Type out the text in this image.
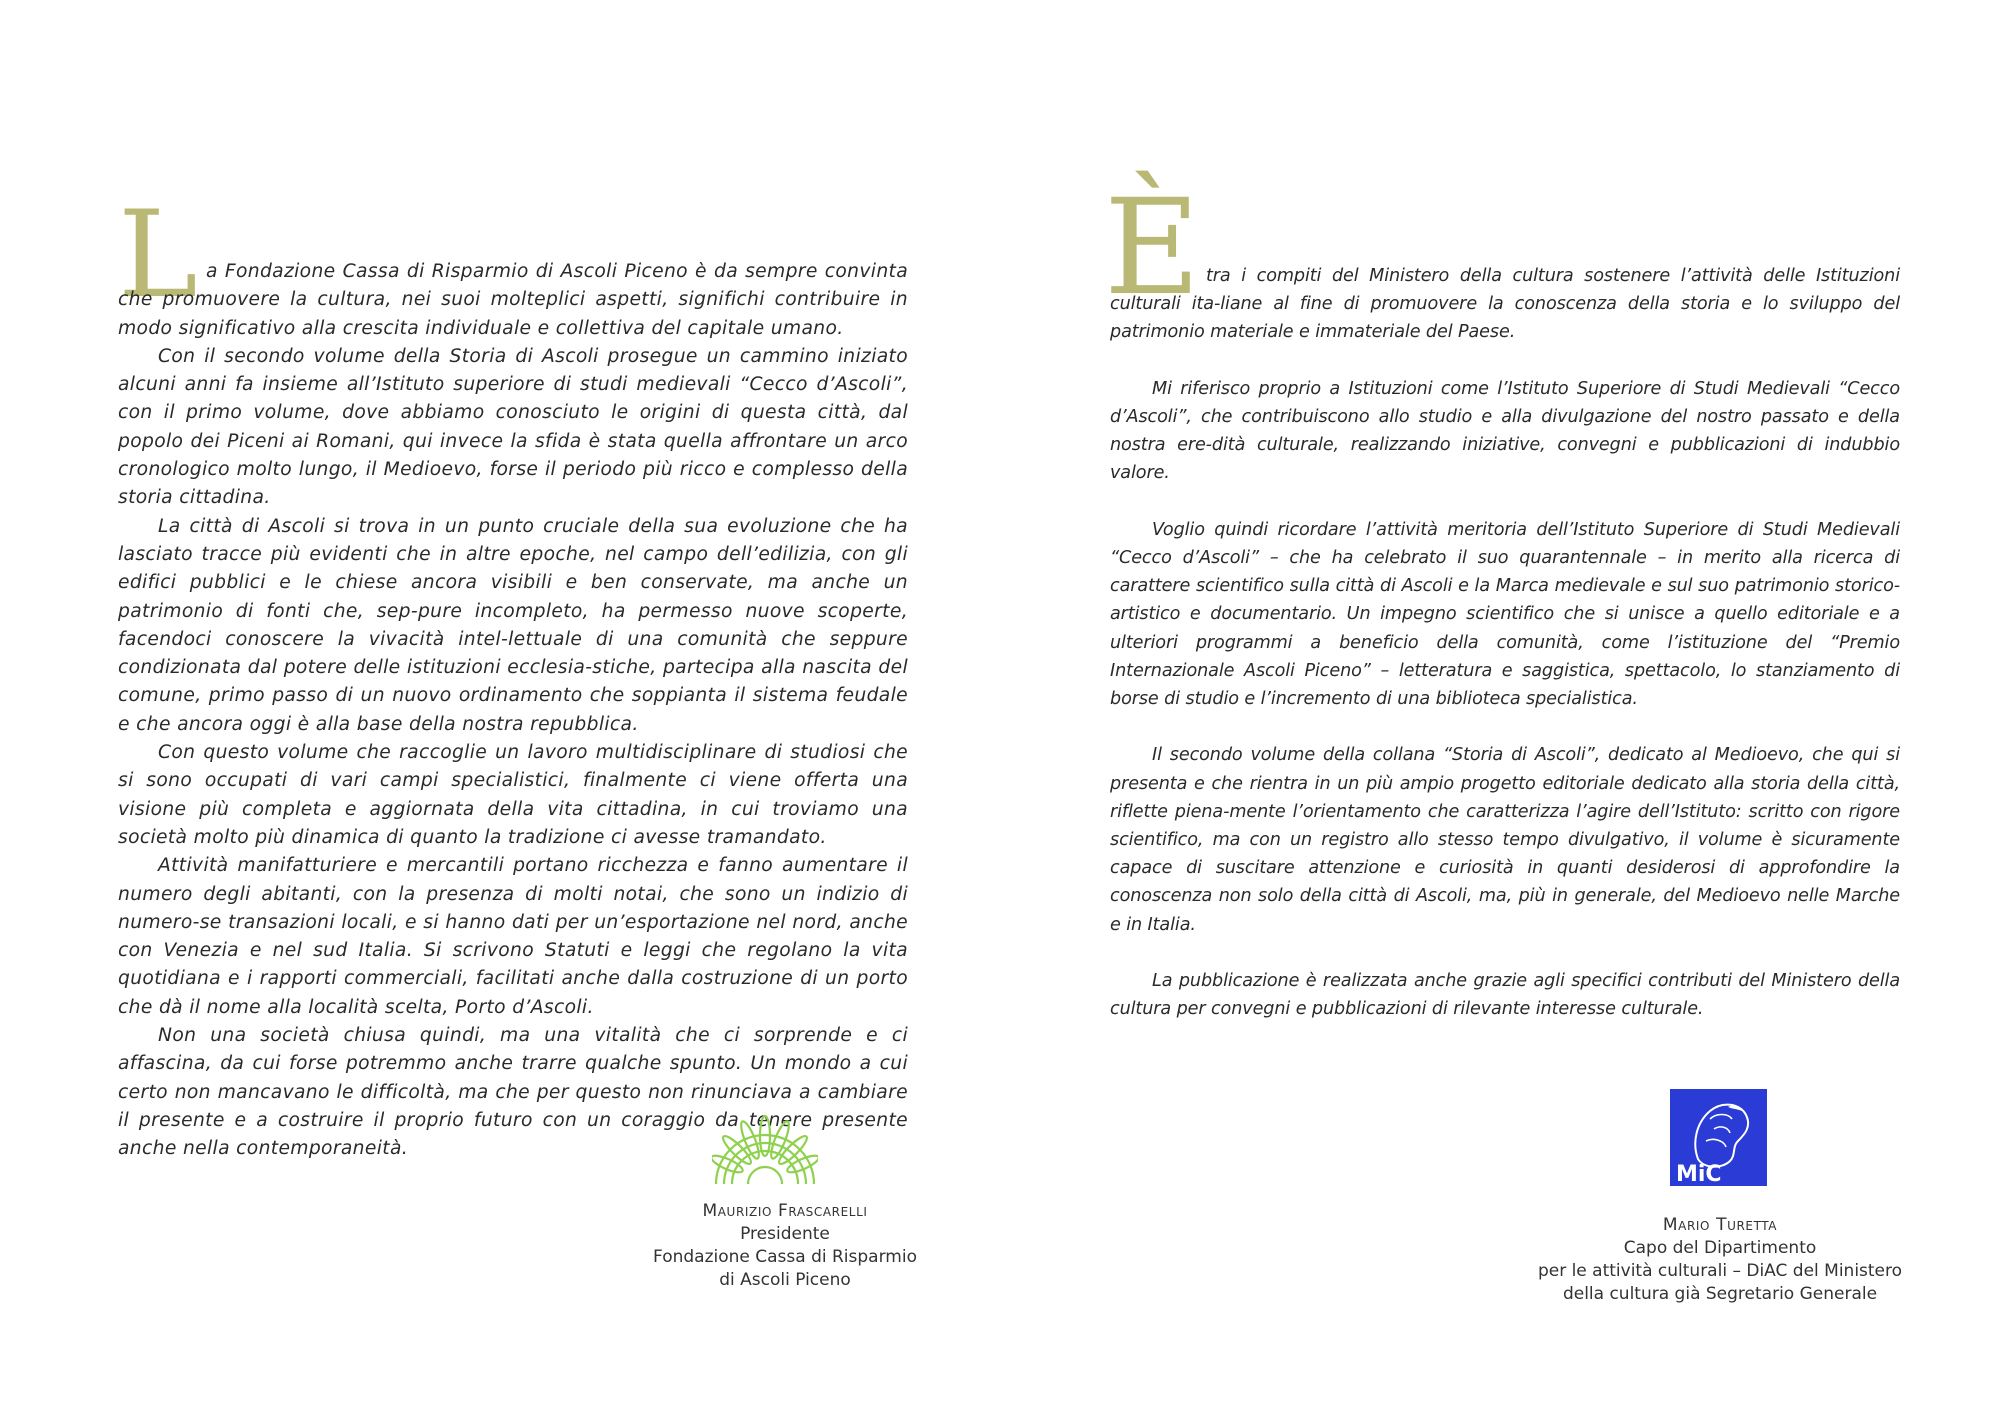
L a Fondazione Cassa di Risparmio di Ascoli Piceno è da sempre convinta che promuovere la cultura, nei suoi molteplici aspetti, significhi contribuire in modo significativo alla crescita individuale e collettiva del capitale umano.

Con il secondo volume della Storia di Ascoli prosegue un cammino iniziato alcuni anni fa insieme all’Istituto superiore di studi medievali “Cecco d’Ascoli”, con il primo volume, dove abbiamo conosciuto le origini di questa città, dal popolo dei Piceni ai Romani, qui invece la sfida è stata quella affrontare un arco cronologico molto lungo, il Medioevo, forse il periodo più ricco e complesso della storia cittadina.

La città di Ascoli si trova in un punto cruciale della sua evoluzione che ha lasciato tracce più evidenti che in altre epoche, nel campo dell’edilizia, con gli edifici pubblici e le chiese ancora visibili e ben conservate, ma anche un patrimonio di fonti che, sep-pure incompleto, ha permesso nuove scoperte, facendoci conoscere la vivacità intel-lettuale di una comunità che seppure condizionata dal potere delle istituzioni ecclesia-stiche, partecipa alla nascita del comune, primo passo di un nuovo ordinamento che soppianta il sistema feudale e che ancora oggi è alla base della nostra repubblica.

Con questo volume che raccoglie un lavoro multidisciplinare di studiosi che si sono occupati di vari campi specialistici, finalmente ci viene offerta una visione più completa e aggiornata della vita cittadina, in cui troviamo una società molto più dinamica di quanto la tradizione ci avesse tramandato.

Attività manifatturiere e mercantili portano ricchezza e fanno aumentare il numero degli abitanti, con la presenza di molti notai, che sono un indizio di numero-se transazioni locali, e si hanno dati per un’esportazione nel nord, anche con Venezia e nel sud Italia. Si scrivono Statuti e leggi che regolano la vita quotidiana e i rapporti commerciali, facilitati anche dalla costruzione di un porto che dà il nome alla località scelta, Porto d’Ascoli.

Non una società chiusa quindi, ma una vitalità che ci sorprende e ci affascina, da cui forse potremmo anche trarre qualche spunto. Un mondo a cui certo non mancavano le difficoltà, ma che per questo non rinunciava a cambiare il presente e a costruire il proprio futuro con un coraggio da tenere presente anche nella contemporaneità.

Maurizio Frascarelli
Presidente
Fondazione Cassa di Risparmio
di Ascoli Piceno
È tra i compiti del Ministero della cultura sostenere l’attività delle Istituzioni culturali ita-liane al fine di promuovere la conoscenza della storia e lo sviluppo del patrimonio materiale e immateriale del Paese.

Mi riferisco proprio a Istituzioni come l’Istituto Superiore di Studi Medievali “Cecco d’Ascoli”, che contribuiscono allo studio e alla divulgazione del nostro passato e della nostra ere-dità culturale, realizzando iniziative, convegni e pubblicazioni di indubbio valore.

Voglio quindi ricordare l’attività meritoria dell’Istituto Superiore di Studi Medievali “Cecco d’Ascoli” – che ha celebrato il suo quarantennale – in merito alla ricerca di carattere scientifico sulla città di Ascoli e la Marca medievale e sul suo patrimonio storico-artistico e documentario. Un impegno scientifico che si unisce a quello editoriale e a ulteriori programmi a beneficio della comunità, come l’istituzione del “Premio Internazionale Ascoli Piceno” – letteratura e saggistica, spettacolo, lo stanziamento di borse di studio e l’incremento di una biblioteca specialistica.

Il secondo volume della collana “Storia di Ascoli”, dedicato al Medioevo, che qui si presenta e che rientra in un più ampio progetto editoriale dedicato alla storia della città, riflette piena-mente l’orientamento che caratterizza l’agire dell’Istituto: scritto con rigore scientifico, ma con un registro allo stesso tempo divulgativo, il volume è sicuramente capace di suscitare attenzione e curiosità in quanti desiderosi di approfondire la conoscenza non solo della città di Ascoli, ma, più in generale, del Medioevo nelle Marche e in Italia.

La pubblicazione è realizzata anche grazie agli specifici contributi del Ministero della cultura per convegni e pubblicazioni di rilevante interesse culturale.

MiC
Mario Turetta
Capo del Dipartimento
per le attività culturali – DiAC del Ministero
della cultura già Segretario Generale
